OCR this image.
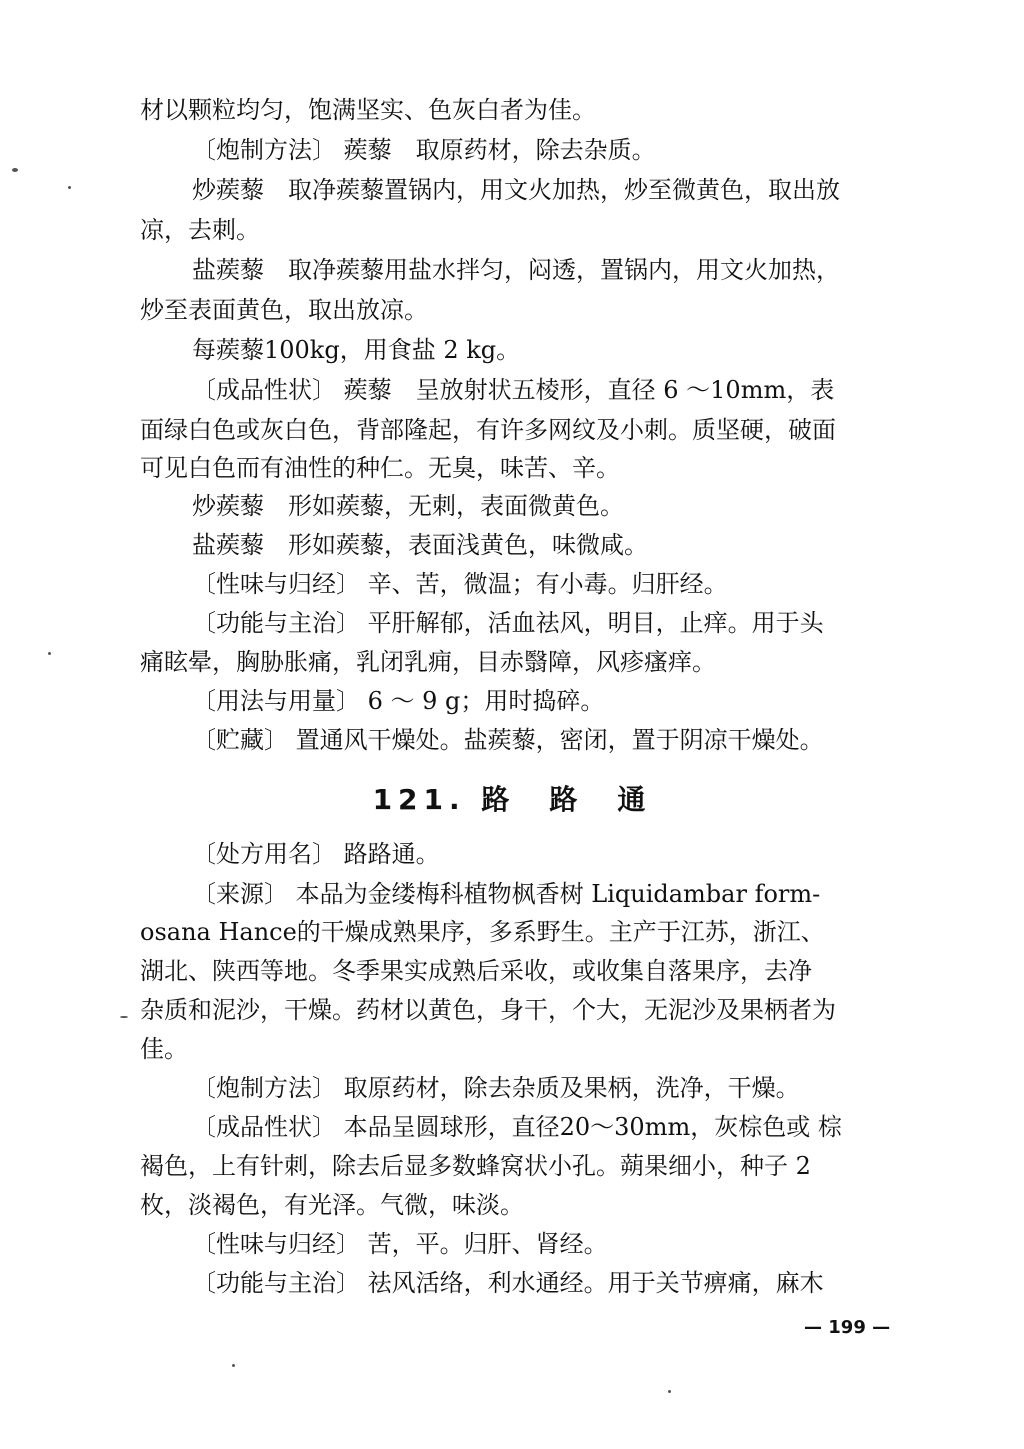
材以颗粒均匀，饱满坚实、色灰白者为佳。
〔炮制方法〕 蒺藜　取原药材，除去杂质。
炒蒺藜　取净蒺藜置锅内，用文火加热，炒至微黄色，取出放
凉，去刺。
盐蒺藜　取净蒺藜用盐水拌匀，闷透，置锅内，用文火加热，
炒至表面黄色，取出放凉。
每蒺藜100kg，用食盐 2 kg。
〔成品性状〕 蒺藜　呈放射状五棱形，直径 6 ～10mm，表
面绿白色或灰白色，背部隆起，有许多网纹及小刺。质坚硬，破面
可见白色而有油性的种仁。无臭，味苦、辛。
炒蒺藜　形如蒺藜，无刺，表面微黄色。
盐蒺藜　形如蒺藜，表面浅黄色，味微咸。
〔性味与归经〕 辛、苦，微温；有小毒。归肝经。
〔功能与主治〕 平肝解郁，活血祛风，明目，止痒。用于头
痛眩晕，胸胁胀痛，乳闭乳痈，目赤翳障，风疹瘙痒。
〔用法与用量〕 6 ～ 9 g；用时捣碎。
〔贮藏〕 置通风干燥处。盐蒺藜，密闭，置于阴凉干燥处。
121. 路　路　通
〔处方用名〕 路路通。
〔来源〕 本品为金缕梅科植物枫香树 Liquidambar form-
osana Hance的干燥成熟果序，多系野生。主产于江苏，浙江、
湖北、陕西等地。冬季果实成熟后采收，或收集自落果序，去净
杂质和泥沙，干燥。药材以黄色，身干，个大，无泥沙及果柄者为
佳。
〔炮制方法〕 取原药材，除去杂质及果柄，洗净，干燥。
〔成品性状〕 本品呈圆球形，直径20～30mm，灰棕色或 棕
褐色，上有针刺，除去后显多数蜂窝状小孔。蒴果细小，种子 2
枚，淡褐色，有光泽。气微，味淡。
〔性味与归经〕 苦，平。归肝、肾经。
〔功能与主治〕 祛风活络，利水通经。用于关节痹痛，麻木
— 199 —
